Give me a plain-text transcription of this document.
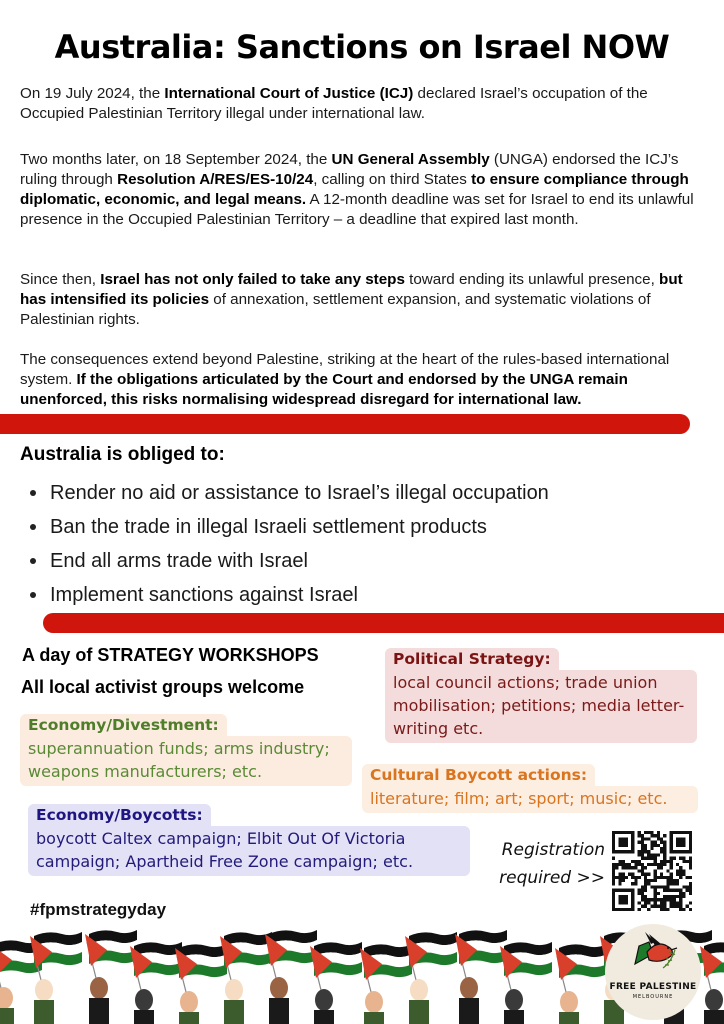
Australia: Sanctions on Israel NOW
On 19 July 2024, the International Court of Justice (ICJ) declared Israel’s occupation of the Occupied Palestinian Territory illegal under international law.
Two months later, on 18 September 2024, the UN General Assembly (UNGA) endorsed the ICJ’s ruling through Resolution A/RES/ES-10/24, calling on third States to ensure compliance through diplomatic, economic, and legal means. A 12-month deadline was set for Israel to end its unlawful presence in the Occupied Palestinian Territory – a deadline that expired last month.
Since then, Israel has not only failed to take any steps toward ending its unlawful presence, but has intensified its policies of annexation, settlement expansion, and systematic violations of Palestinian rights.
The consequences extend beyond Palestine, striking at the heart of the rules-based international system. If the obligations articulated by the Court and endorsed by the UNGA remain unenforced, this risks normalising widespread disregard for international law.
Australia is obliged to:
Render no aid or assistance to Israel’s illegal occupation
Ban the trade in illegal Israeli settlement products
End all arms trade with Israel
Implement sanctions against Israel
A day of STRATEGY WORKSHOPS
All local activist groups welcome
Economy/Divestment:
superannuation funds; arms industry; weapons manufacturers; etc.
Political Strategy:
local council actions; trade union mobilisation; petitions; media letter-writing etc.
Cultural Boycott actions:
literature; film; art; sport; music; etc.
Economy/Boycotts:
boycott Caltex campaign; Elbit Out Of Victoria campaign; Apartheid Free Zone campaign; etc.
Registration
required >>
#fpmstrategyday
FREE PALESTINE
MELBOURNE
